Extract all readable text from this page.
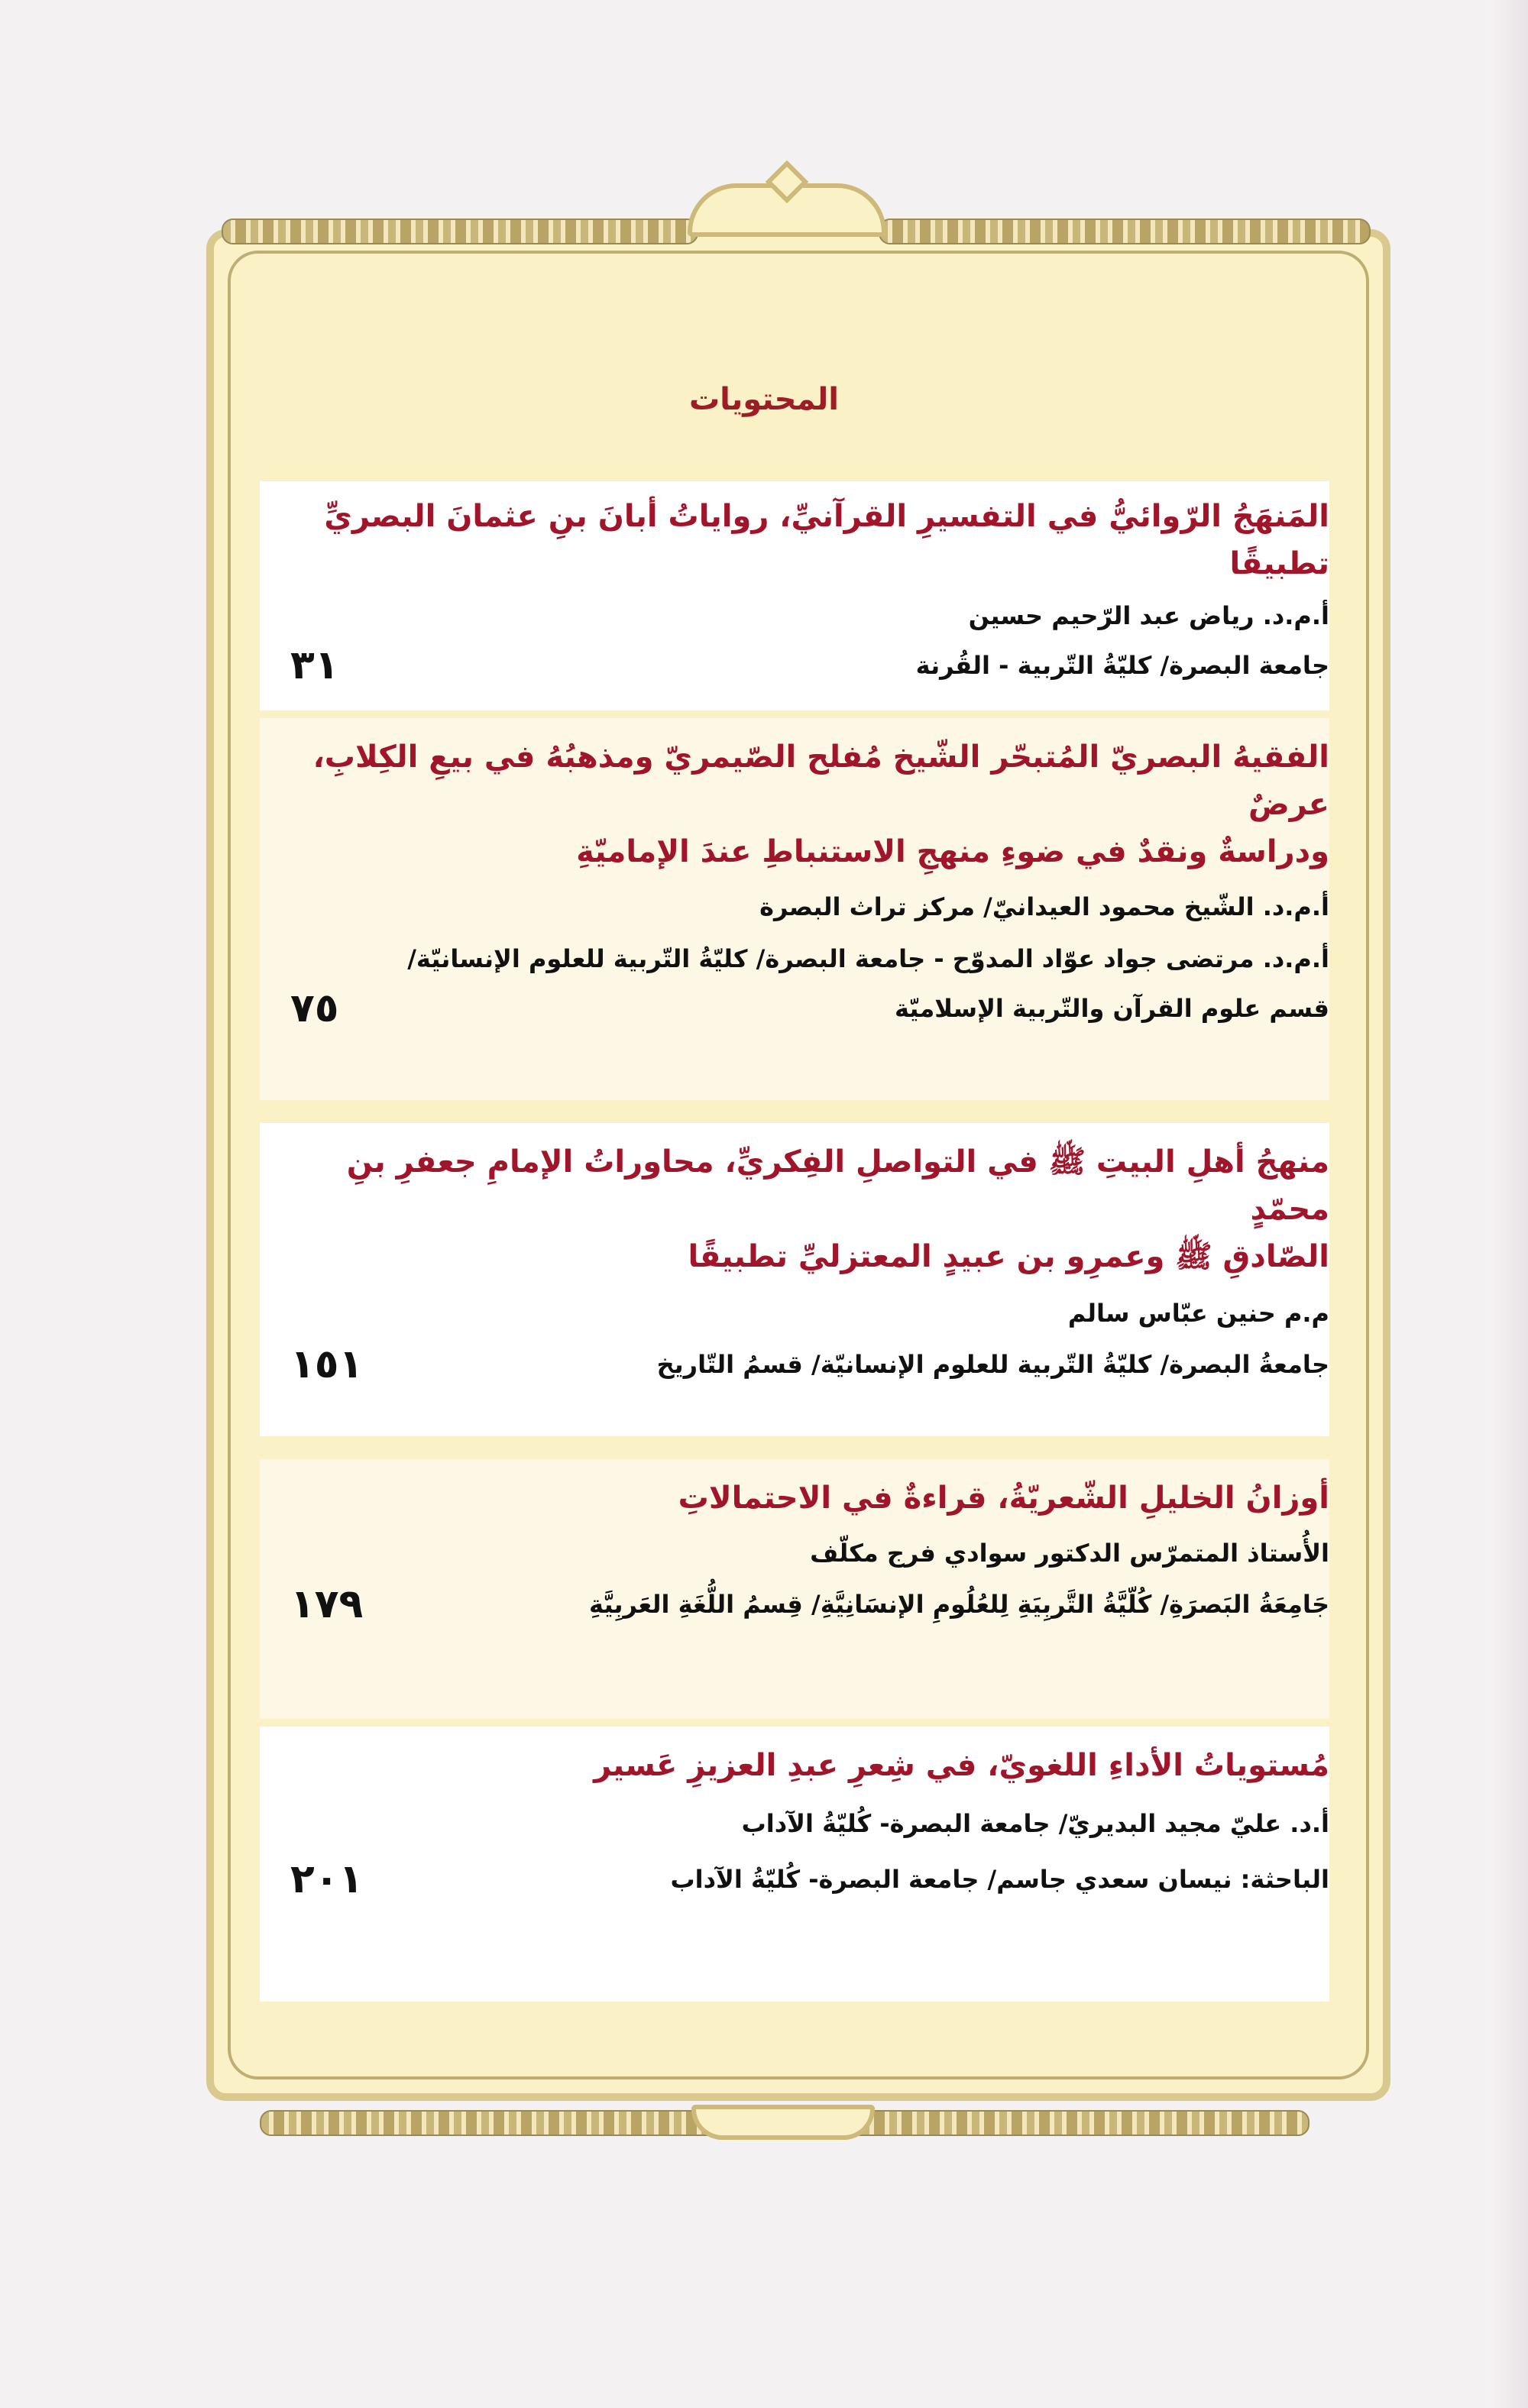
المحتويات
المَنهَجُ الرّوائيُّ في التفسيرِ القرآنيِّ، رواياتُ أبانَ بنِ عثمانَ البصريِّ تطبيقًا
أ.م.د. رياض عبد الرّحيم حسين
جامعة البصرة/ كليّةُ التّربية - القُرنة
٣١
الفقيهُ البصريّ المُتبحّر الشّيخ مُفلح الصّيمريّ ومذهبُهُ في بيعِ الكِلابِ، عرضٌ
ودراسةٌ ونقدٌ في ضوءِ منهجِ الاستنباطِ عندَ الإماميّةِ
أ.م.د. الشّيخ محمود العيدانيّ/ مركز تراث البصرة
أ.م.د. مرتضى جواد عوّاد المدوّح - جامعة البصرة/ كليّةُ التّربية للعلوم الإنسانيّة/
قسم علوم القرآن والتّربية الإسلاميّة
٧٥
منهجُ أهلِ البيتِ ﷺ في التواصلِ الفِكريِّ، محاوراتُ الإمامِ جعفرِ بنِ محمّدٍ
الصّادقِ ﷺ وعمرِو بن عبيدٍ المعتزليِّ تطبيقًا
م.م حنين عبّاس سالم
جامعةُ البصرة/ كليّةُ التّربية للعلوم الإنسانيّة/ قسمُ التّاريخ
١٥١
أوزانُ الخليلِ الشّعريّةُ، قراءةٌ في الاحتمالاتِ
الأُستاذ المتمرّس الدكتور سوادي فرج مكلّف
جَامِعَةُ البَصرَةِ/ كُلّيَّةُ التَّربِيَةِ لِلعُلُومِ الإنسَانِيَّةِ/ قِسمُ اللُّغَةِ العَربِيَّةِ
١٧٩
مُستوياتُ الأداءِ اللغويّ، في شِعرِ عبدِ العزيزِ عَسير
أ.د. عليّ مجيد البديريّ/ جامعة البصرة- كُليّةُ الآداب
الباحثة: نيسان سعدي جاسم/ جامعة البصرة- كُليّةُ الآداب
٢٠١
